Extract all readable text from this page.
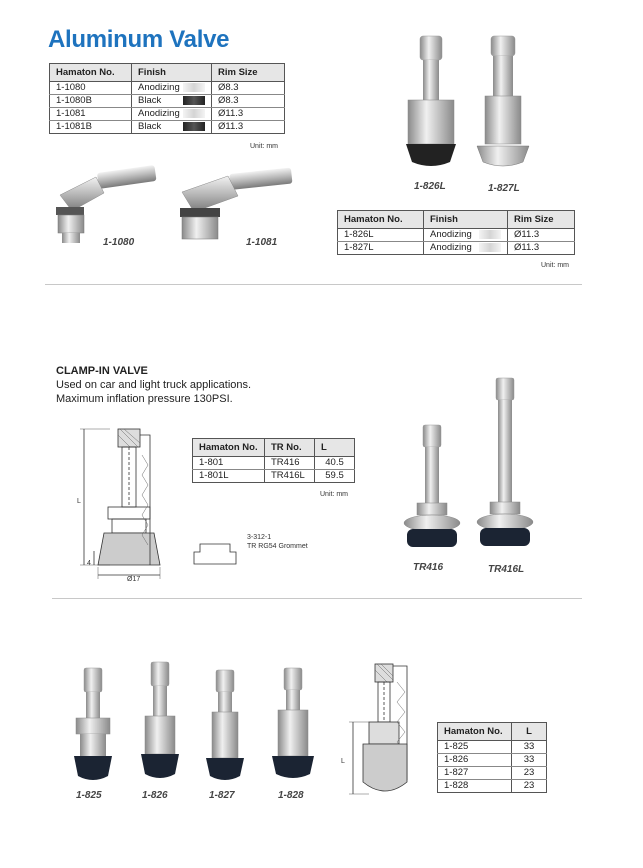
Aluminum Valve
Hamaton No.	Finish	Rim Size
1-1080	Anodizing	Ø8.3
1-1080B	Black	Ø8.3
1-1081	Anodizing	Ø11.3
1-1081B	Black	Ø11.3
Unit: mm
1-1080	1-1081
1-826L	1-827L
Hamaton No.	Finish	Rim Size
1-826L	Anodizing	Ø11.3
1-827L	Anodizing	Ø11.3
Unit: mm
CLAMP-IN VALVE
Used on car and light truck applications.
Maximum inflation pressure 130PSI.
L
4
Ø17
Hamaton No.	TR No.	L
1-801	TR416	40.5
1-801L	TR416L	59.5
Unit: mm
3-312-1
TR RG54 Grommet
TR416	TR416L
1-825	1-826	1-827	1-828
L
Hamaton No.	L
1-825	33
1-826	33
1-827	23
1-828	23
